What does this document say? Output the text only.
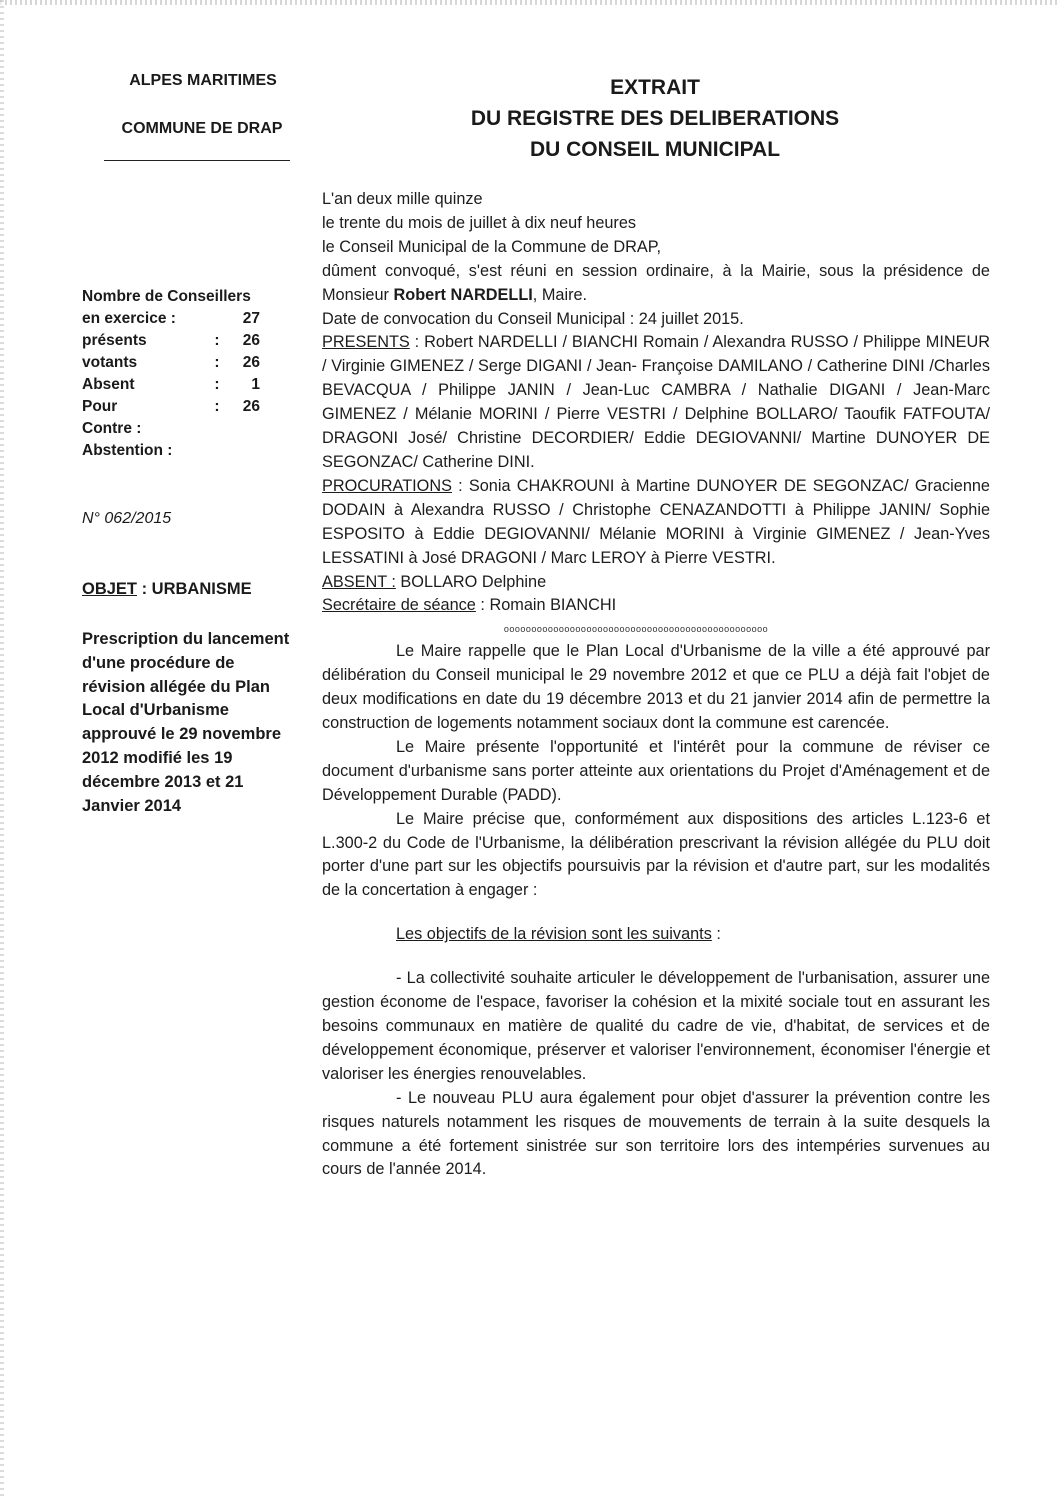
ALPES MARITIMES

COMMUNE DE DRAP

Nombre de Conseillers
en exercice :	27
présents	:	26
votants	:	26
Absent	:	1
Pour	:	26
Contre :
Abstention :
N° 062/2015
OBJET : URBANISME

Prescription du lancement d'une procédure de révision allégée du Plan Local d'Urbanisme approuvé le 29 novembre 2012 modifié les 19 décembre 2013 et 21 Janvier 2014

EXTRAIT
DU REGISTRE DES DELIBERATIONS
DU CONSEIL MUNICIPAL

L'an deux mille quinze

le trente du mois de juillet à dix neuf heures

le Conseil Municipal de la Commune de DRAP,

dûment convoqué, s'est réuni en session ordinaire, à la Mairie, sous la présidence de Monsieur Robert NARDELLI, Maire.

Date de convocation du Conseil Municipal : 24 juillet 2015.

PRESENTS : Robert NARDELLI / BIANCHI Romain / Alexandra RUSSO / Philippe MINEUR / Virginie GIMENEZ / Serge DIGANI / Jean- Françoise DAMILANO / Catherine DINI /Charles BEVACQUA / Philippe JANIN / Jean-Luc CAMBRA / Nathalie DIGANI / Jean-Marc GIMENEZ / Mélanie MORINI / Pierre VESTRI / Delphine BOLLARO/ Taoufik FATFOUTA/ DRAGONI José/ Christine DECORDIER/ Eddie DEGIOVANNI/ Martine DUNOYER DE SEGONZAC/ Catherine DINI.

PROCURATIONS : Sonia CHAKROUNI à Martine DUNOYER DE SEGONZAC/ Gracienne DODAIN à Alexandra RUSSO / Christophe CENAZANDOTTI à Philippe JANIN/ Sophie ESPOSITO à Eddie DEGIOVANNI/ Mélanie MORINI à Virginie GIMENEZ / Jean-Yves LESSATINI à José DRAGONI / Marc LEROY à Pierre VESTRI.

ABSENT : BOLLARO Delphine

Secrétaire de séance : Romain BIANCHI

oooooooooooooooooooooooooooooooooooooooooooooooo

Le Maire rappelle que le Plan Local d'Urbanisme de la ville a été approuvé par délibération du Conseil municipal le 29 novembre 2012 et que ce PLU a déjà fait l'objet de deux modifications en date du 19 décembre 2013 et du 21 janvier 2014 afin de permettre la construction de logements notamment sociaux dont la commune est carencée.

Le Maire présente l'opportunité et l'intérêt pour la commune de réviser ce document d'urbanisme sans porter atteinte aux orientations du Projet d'Aménagement et de Développement Durable (PADD).

Le Maire précise que, conformément aux dispositions des articles L.123-6 et L.300-2 du Code de l'Urbanisme, la délibération prescrivant la révision allégée du PLU doit porter d'une part sur les objectifs poursuivis par la révision et d'autre part, sur les modalités de la concertation à engager :

Les objectifs de la révision sont les suivants :

- La collectivité souhaite articuler le développement de l'urbanisation, assurer une gestion économe de l'espace, favoriser la cohésion et la mixité sociale tout en assurant les besoins communaux en matière de qualité du cadre de vie, d'habitat, de services et de développement économique, préserver et valoriser l'environnement, économiser l'énergie et valoriser les énergies renouvelables.

- Le nouveau PLU aura également pour objet d'assurer la prévention contre les risques naturels notamment les risques de mouvements de terrain à la suite desquels la commune a été fortement sinistrée sur son territoire lors des intempéries survenues au cours de l'année 2014.
